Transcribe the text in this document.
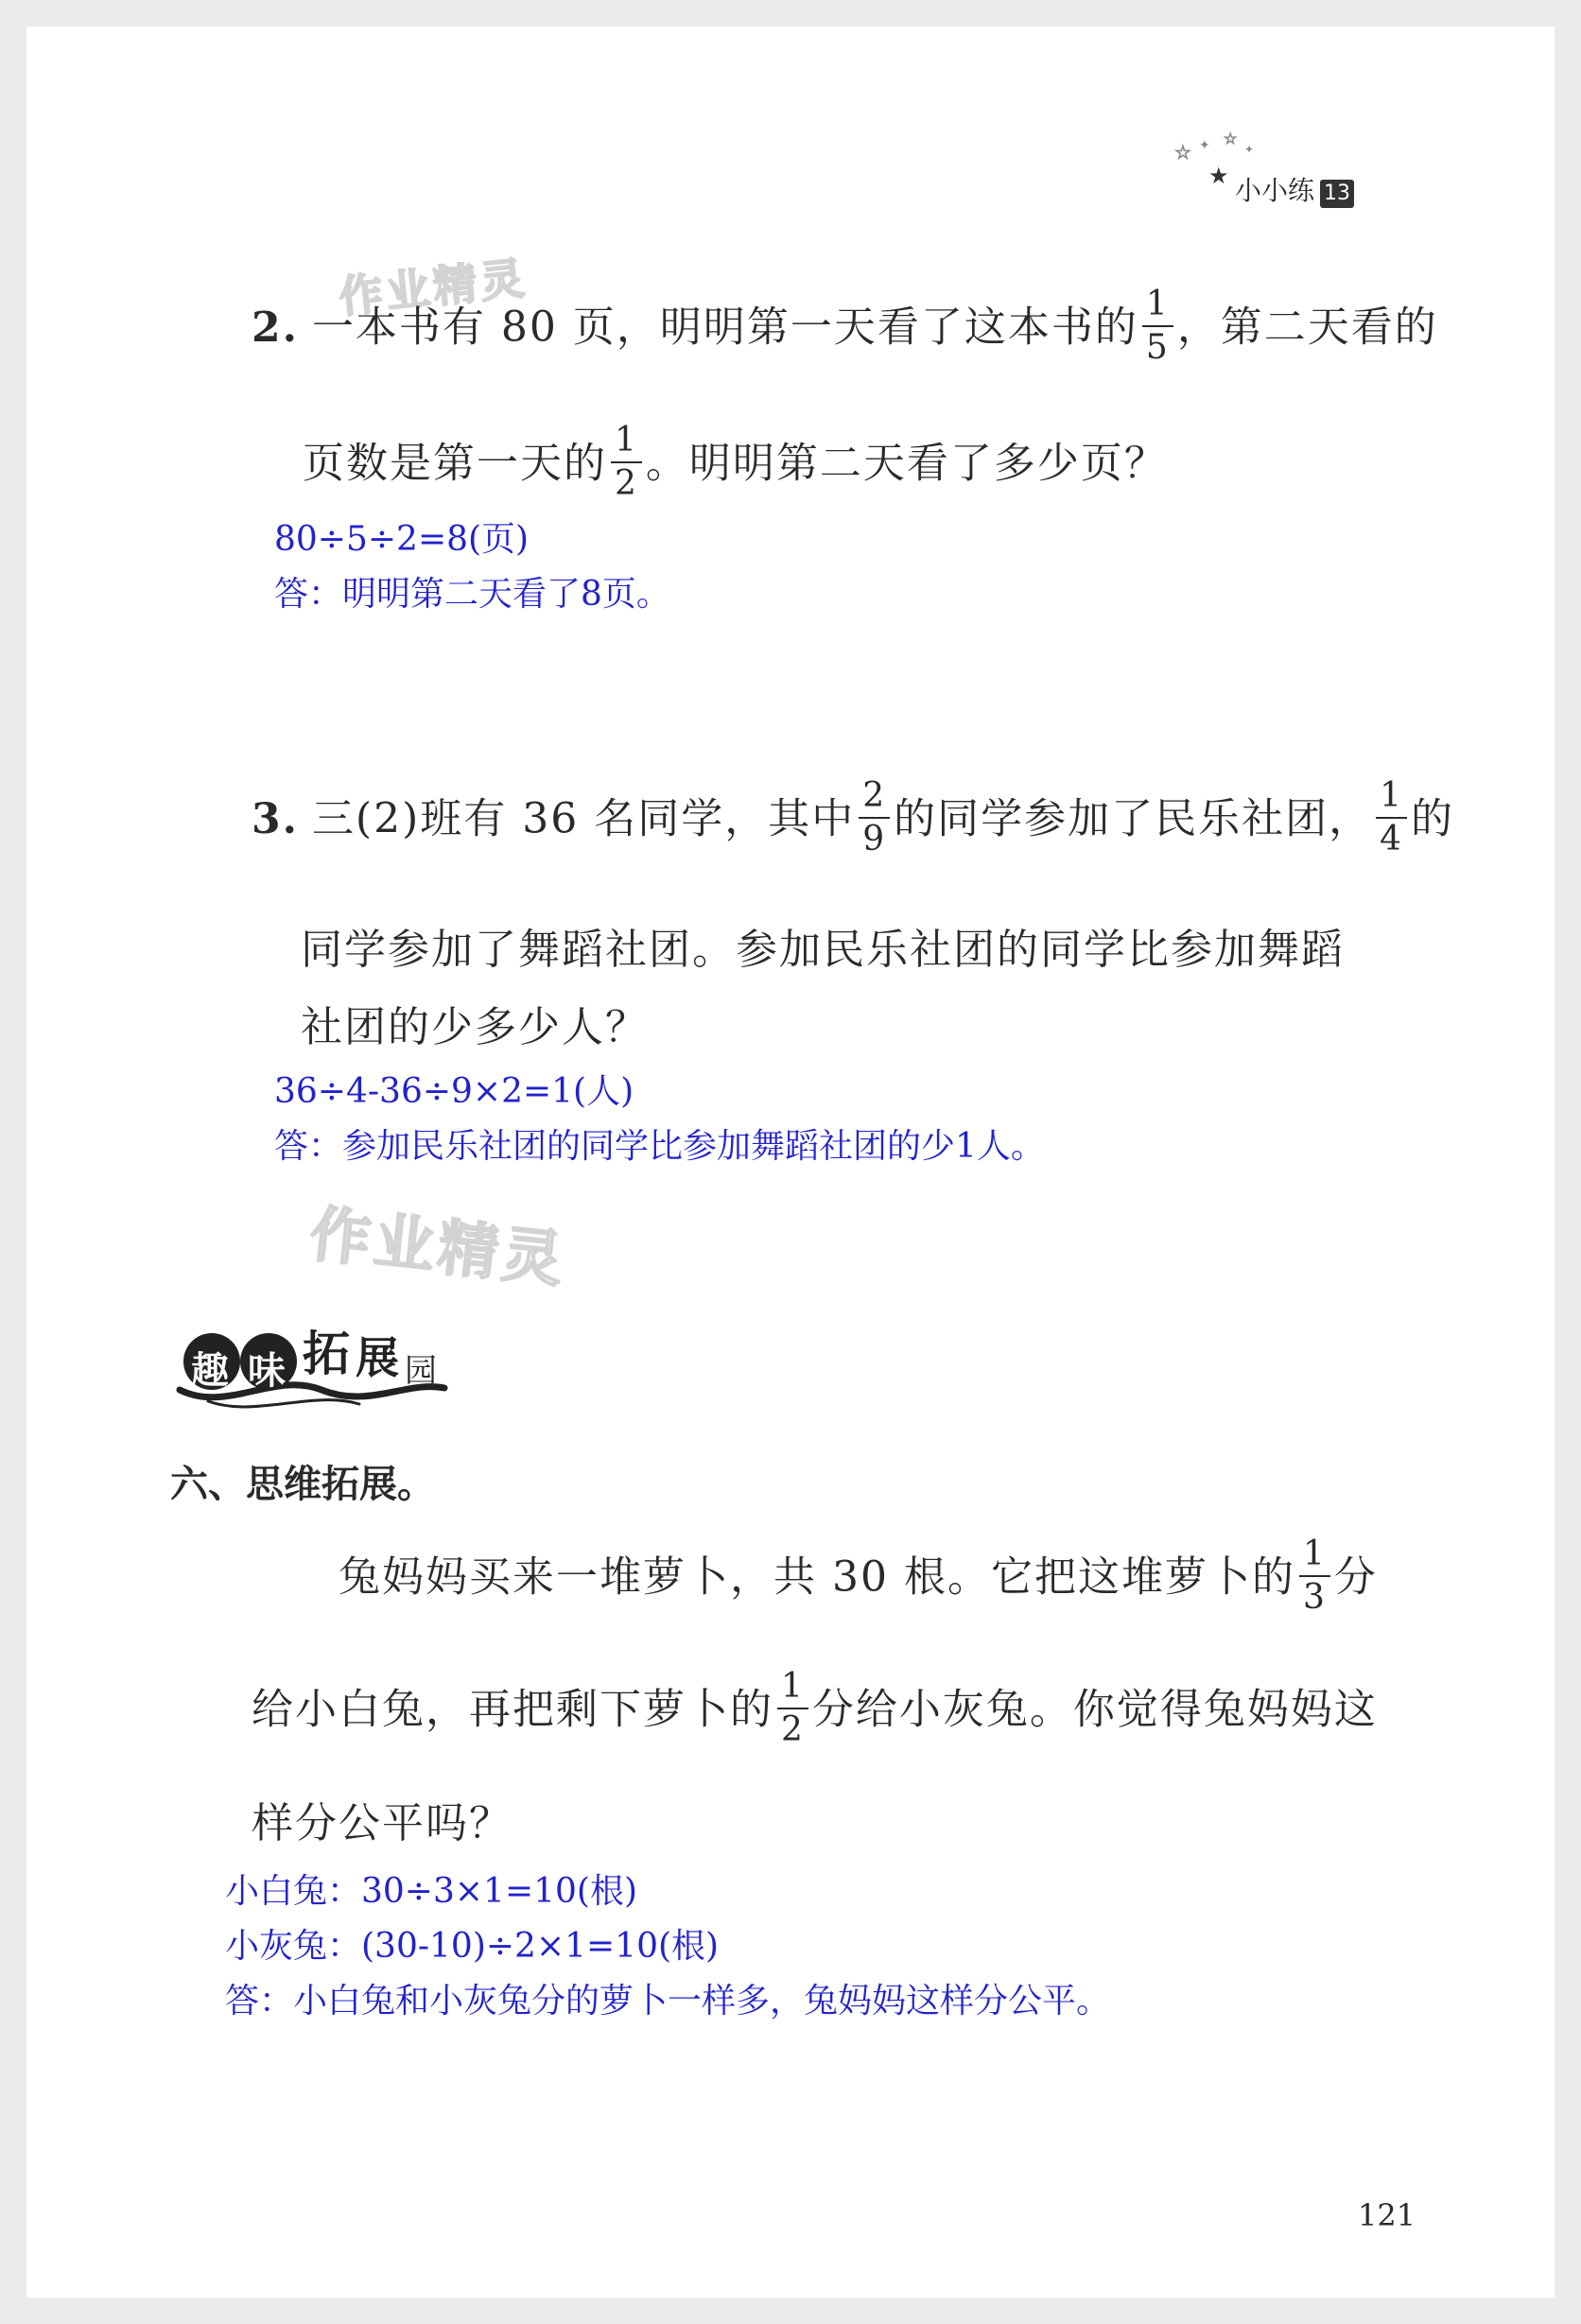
☆ ✦ ☆
✦
★ 小小练 13
作业精灵
2. 一本书有 80 页，明明第一天看了这本书的 $\frac{1}{5}$ ，第二天看的
页数是第一天的 $\frac{1}{2}$ 。明明第二天看了多少页？
80÷5÷2=8(页)
答：明明第二天看了8页。
3. 三(2)班有 36 名同学，其中 $\frac{2}{9}$ 的同学参加了民乐社团， $\frac{1}{4}$ 的
同学参加了舞蹈社团。参加民乐社团的同学比参加舞蹈
社团的少多少人？
36÷4-36÷9×2=1(人)
答：参加民乐社团的同学比参加舞蹈社团的少1人。
作业精灵
趣 味 拓 展 园
六、思维拓展。
兔妈妈买来一堆萝卜，共 30 根。它把这堆萝卜的 $\frac{1}{3}$ 分
给小白兔，再把剩下萝卜的 $\frac{1}{2}$ 分给小灰兔。你觉得兔妈妈这
样分公平吗？
小白兔：30÷3×1=10(根)
小灰兔：(30-10)÷2×1=10(根)
答：小白兔和小灰兔分的萝卜一样多，兔妈妈这样分公平。
121
